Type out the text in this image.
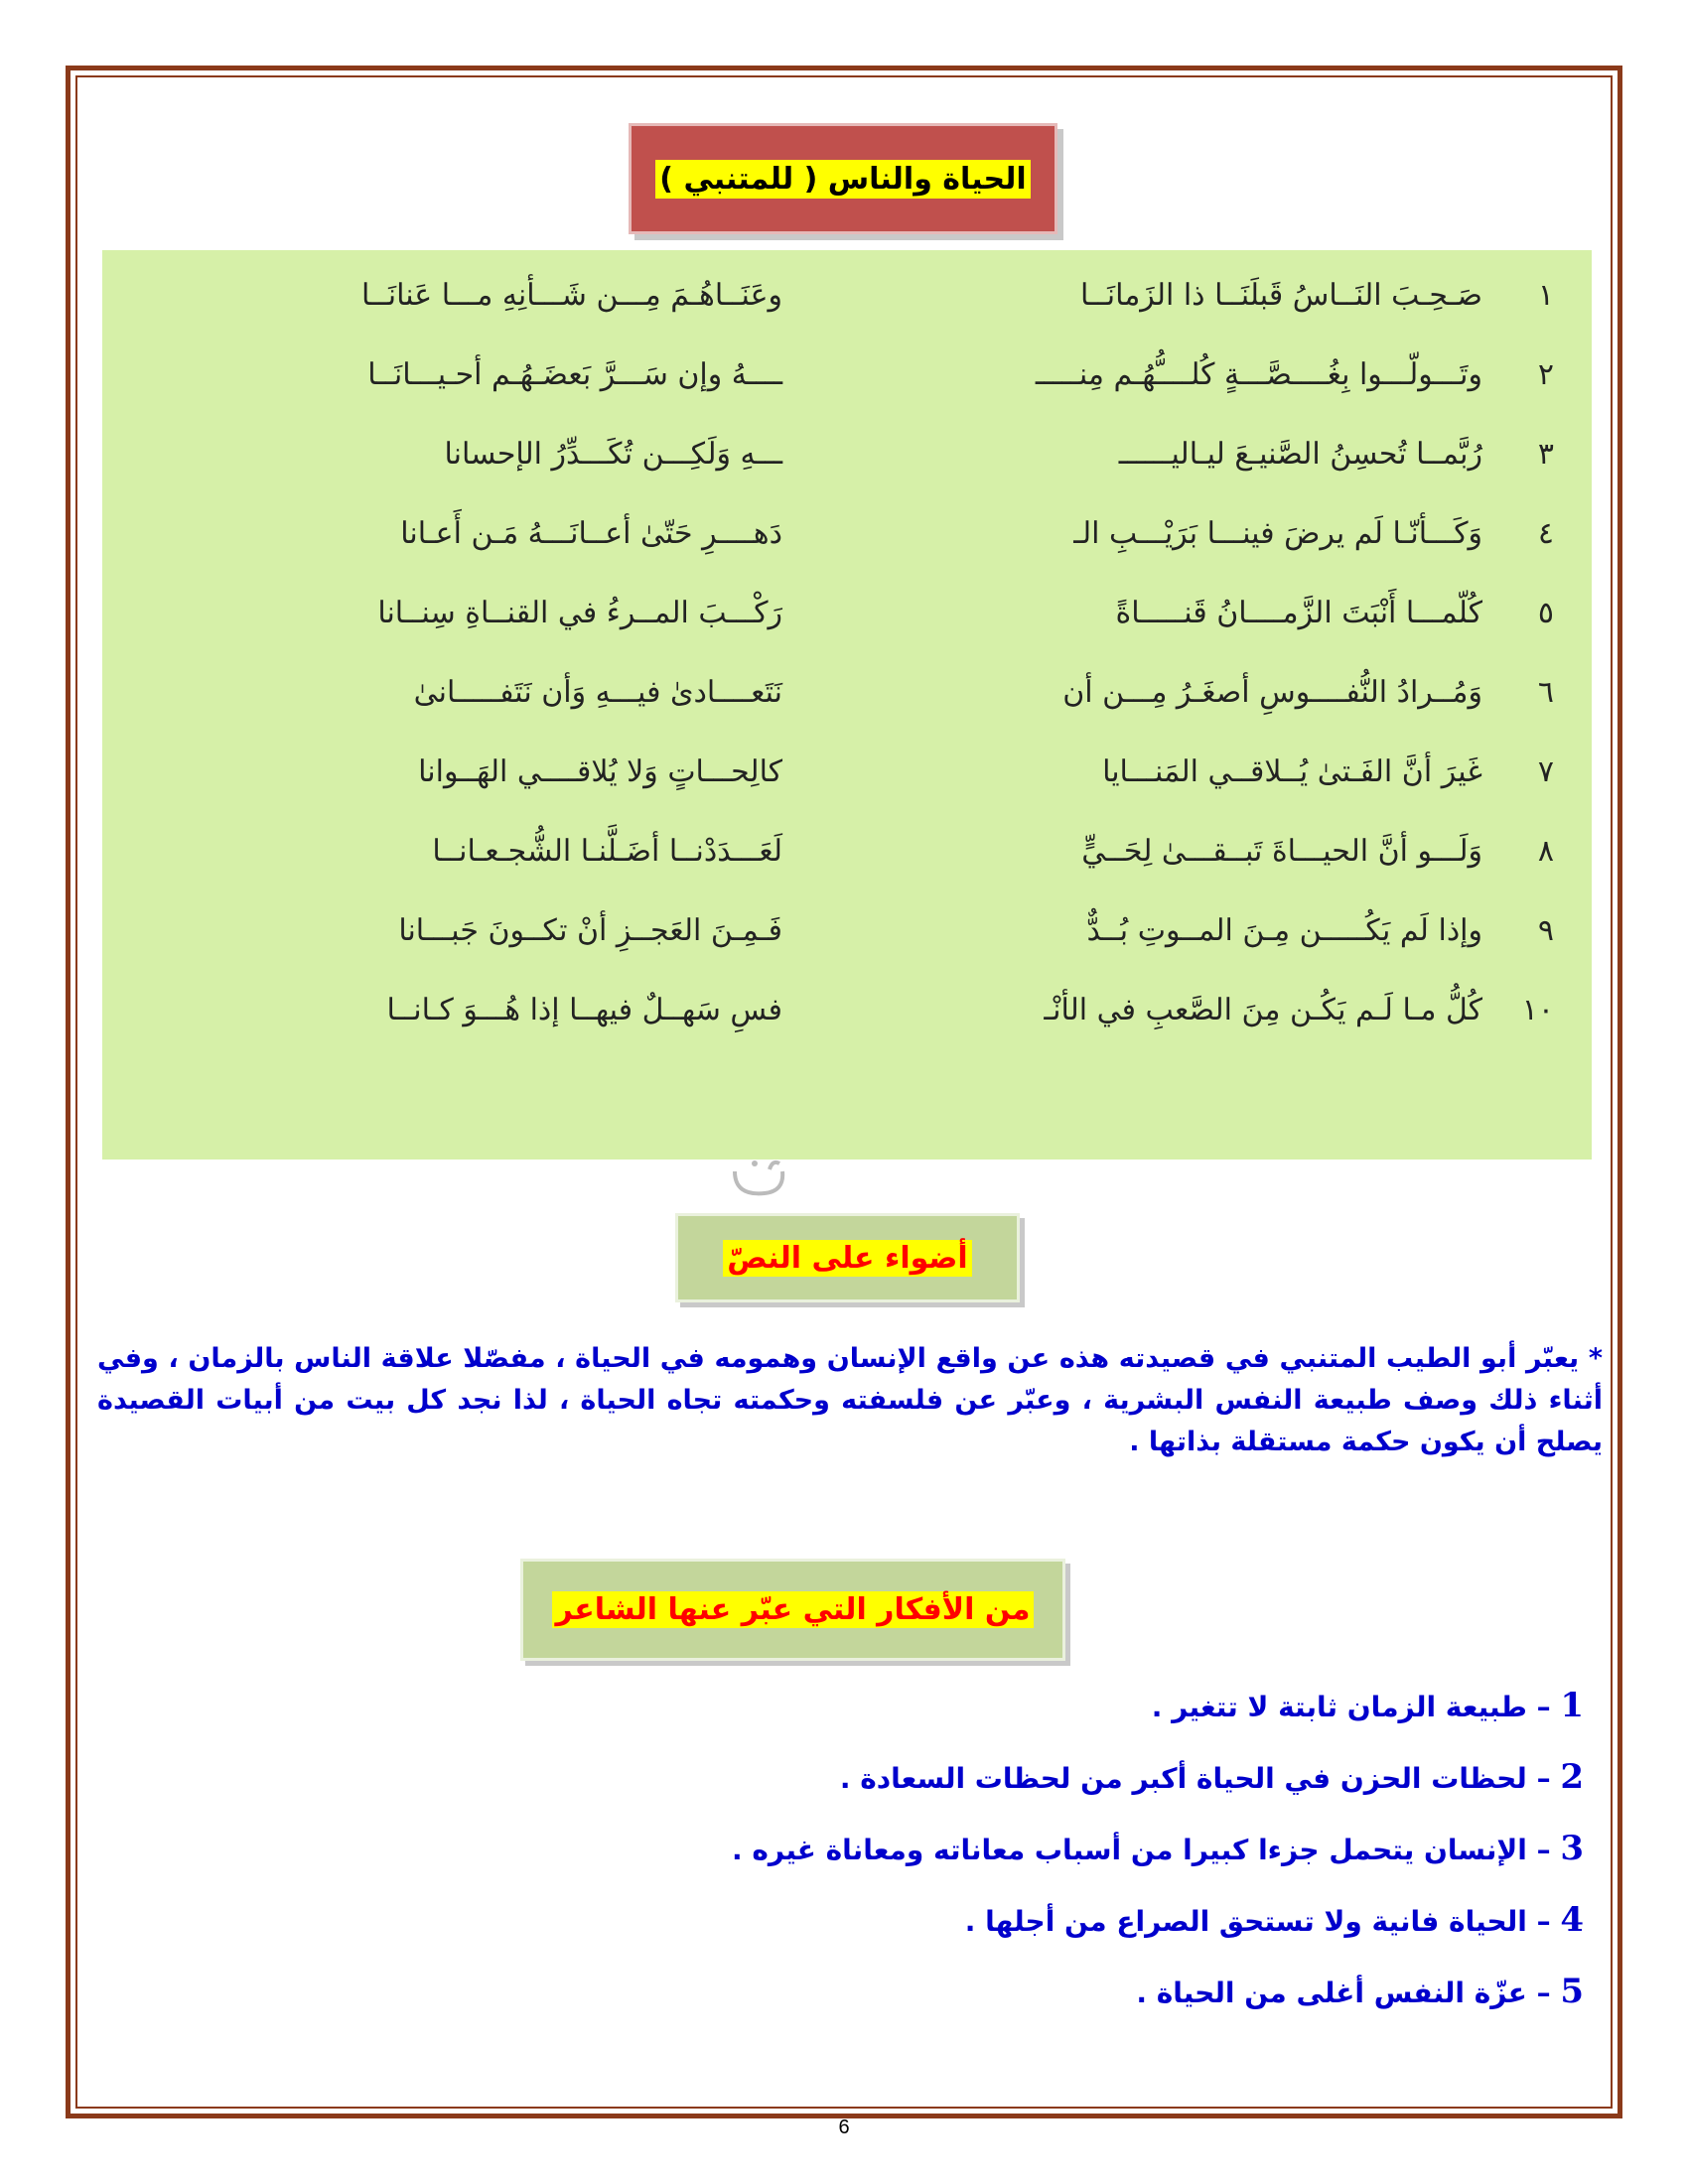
الحياة والناس ( للمتنبي )
١
صَـحِـبَ النَــاسُ قَبلَنَــا ذا الزَمانَــا
وعَنَــاهُـمَ مِـــن شَـــأنِهِ مـــا عَنانَــا
٢
وتَـــولّـــوا بِغُــــصَّـــةٍ كُلــــُّهُـم مِنـــــ
ــــهُ وإن سَـــرَّ بَعضَـهُـم أحـيـــانَــا
٣
رُبَّمــا تُحسِنُ الصَّنيـعَ ليـاليــــــ
ـــهِ وَلَكِـــن تُكَـــدِّرُ الإحسانا
٤
وَكَـــأنّـا لَم يرضَ فينـــا بَرَيْـــبِ الـ
دَهــــرِ حَتّىٰ أعــانَـــهُ مَـن أَعـانا
٥
كُلّمـــا أَنْبَتَ الزَّمــــانُ قَنـــــاةً
رَكْـــبَ المــرءُ في القنــاةِ سِنــانا
٦
وَمُــرادُ النُّفــــوسِ أصغَـرُ مِـــن أن
نَتَعــــادىٰ فيـــهِ وَأن نَتَفـــــانىٰ
٧
غَيرَ أنَّ الفَـتىٰ يُــلاقــي المَنـــايا
كالِحـــاتٍ وَلا يُلاقــــي الهَــوانا
٨
وَلَـــو أنَّ الحيـــاةَ تَبــقـــىٰ لِحَــيٍّ
لَعَـــدَدْنــا أضَـلَّنـا الشُّجـعـانــا
٩
وإذا لَم يَكُـــــن مِـنَ المــوتِ بُــدٌّ
فَـمِـنَ العَجــزِ أنْ تكــونَ جَبـــانا
١٠
كُلُّ مـا لَـم يَكُـن مِنَ الصَّعبِ في الأنْـ
فسِ سَهــلٌ فيهــا إذا هُـــوَ كـانــا
أضواء على النصّ
* يعبّر أبو الطيب المتنبي في قصيدته هذه عن واقع الإنسان وهمومه في الحياة ، مفصّلا علاقة الناس بالزمان ، وفي أثناء ذلك وصف طبيعة النفس البشرية ، وعبّر عن فلسفته وحكمته تجاه الحياة ، لذا نجد كل بيت من أبيات القصيدة يصلح أن يكون حكمة مستقلة بذاتها .
من الأفكار التي عبّر عنها الشاعر
1 – طبيعة الزمان ثابتة لا تتغير .
2 – لحظات الحزن في الحياة أكبر من لحظات السعادة .
3 – الإنسان يتحمل جزءا كبيرا من أسباب معاناته ومعاناة غيره .
4 – الحياة فانية ولا تستحق الصراع من أجلها .
5 – عزّة النفس أغلى من الحياة .
6
